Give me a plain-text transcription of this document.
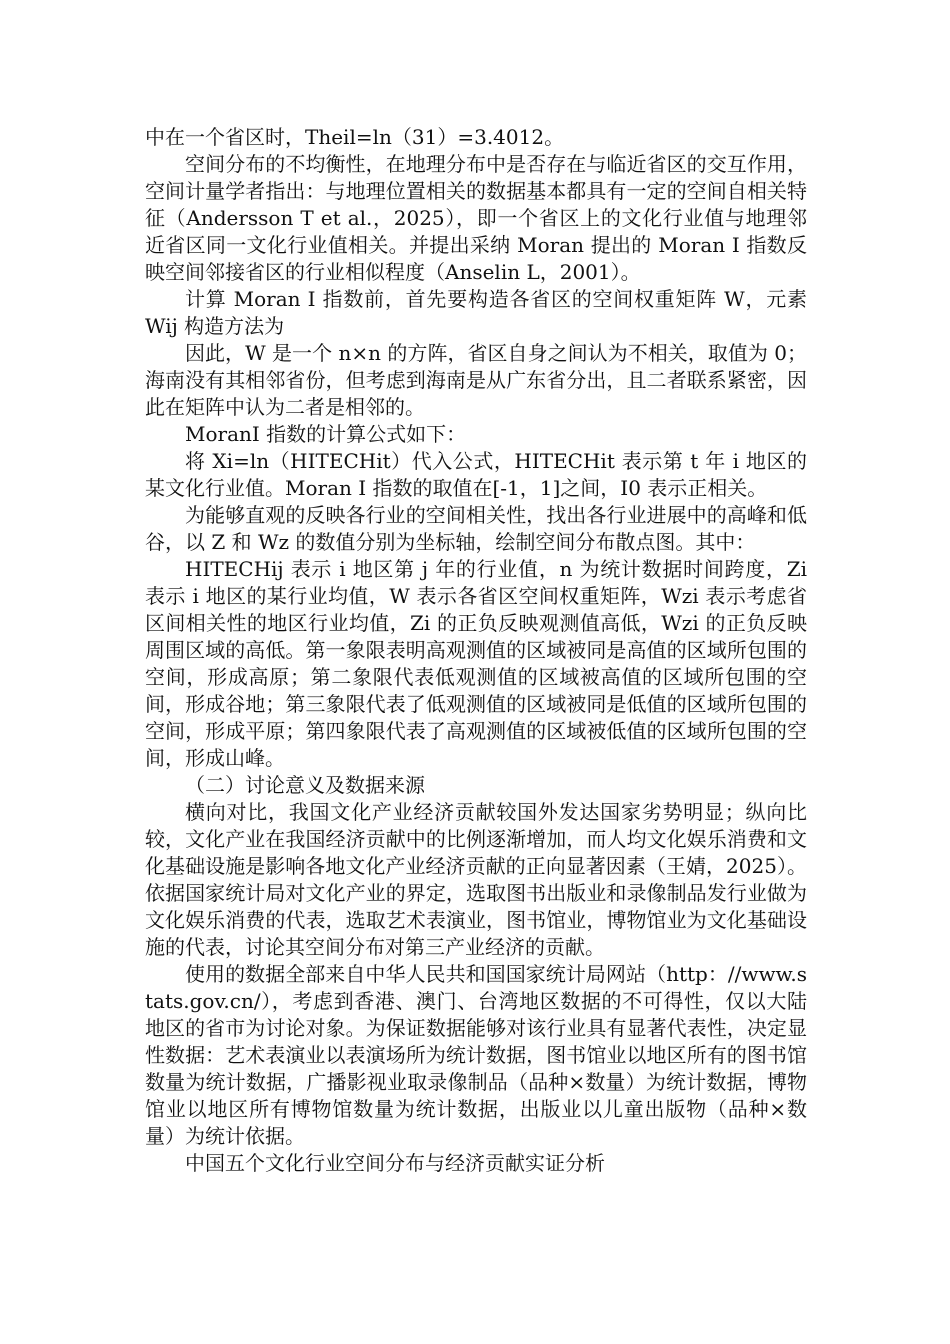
中在一个省区时，Theil=ln（31）=3.4012。

空间分布的不均衡性，在地理分布中是否存在与临近省区的交互作用，空间计量学者指出：与地理位置相关的数据基本都具有一定的空间自相关特征（Andersson T et al.，2025），即一个省区上的文化行业值与地理邻近省区同一文化行业值相关。并提出采纳 Moran 提出的 Moran I 指数反映空间邻接省区的行业相似程度（Anselin L，2001）。

计算 Moran I 指数前，首先要构造各省区的空间权重矩阵 W，元素 Wij 构造方法为

因此，W 是一个 n×n 的方阵，省区自身之间认为不相关，取值为 0；海南没有其相邻省份，但考虑到海南是从广东省分出，且二者联系紧密，因此在矩阵中认为二者是相邻的。

MoranI 指数的计算公式如下：

将 Xi=ln（HITECHit）代入公式，HITECHit 表示第 t 年 i 地区的某文化行业值。Moran I 指数的取值在[-1，1]之间，I0 表示正相关。

为能够直观的反映各行业的空间相关性，找出各行业进展中的高峰和低谷，以 Z 和 Wz 的数值分别为坐标轴，绘制空间分布散点图。其中：

HITECHij 表示 i 地区第 j 年的行业值，n 为统计数据时间跨度，Zi 表示 i 地区的某行业均值，W 表示各省区空间权重矩阵，Wzi 表示考虑省区间相关性的地区行业均值，Zi 的正负反映观测值高低，Wzi 的正负反映周围区域的高低。第一象限表明高观测值的区域被同是高值的区域所包围的空间，形成高原；第二象限代表低观测值的区域被高值的区域所包围的空间，形成谷地；第三象限代表了低观测值的区域被同是低值的区域所包围的空间，形成平原；第四象限代表了高观测值的区域被低值的区域所包围的空间，形成山峰。

（二）讨论意义及数据来源

横向对比，我国文化产业经济贡献较国外发达国家劣势明显；纵向比较，文化产业在我国经济贡献中的比例逐渐增加，而人均文化娱乐消费和文化基础设施是影响各地文化产业经济贡献的正向显著因素（王婧，2025）。依据国家统计局对文化产业的界定，选取图书出版业和录像制品发行业做为文化娱乐消费的代表，选取艺术表演业，图书馆业，博物馆业为文化基础设施的代表，讨论其空间分布对第三产业经济的贡献。

使用的数据全部来自中华人民共和国国家统计局网站（http：//www.stats.gov.cn/），考虑到香港、澳门、台湾地区数据的不可得性，仅以大陆地区的省市为讨论对象。为保证数据能够对该行业具有显著代表性，决定显性数据：艺术表演业以表演场所为统计数据，图书馆业以地区所有的图书馆数量为统计数据，广播影视业取录像制品（品种×数量）为统计数据，博物馆业以地区所有博物馆数量为统计数据，出版业以儿童出版物（品种×数量）为统计依据。

中国五个文化行业空间分布与经济贡献实证分析
